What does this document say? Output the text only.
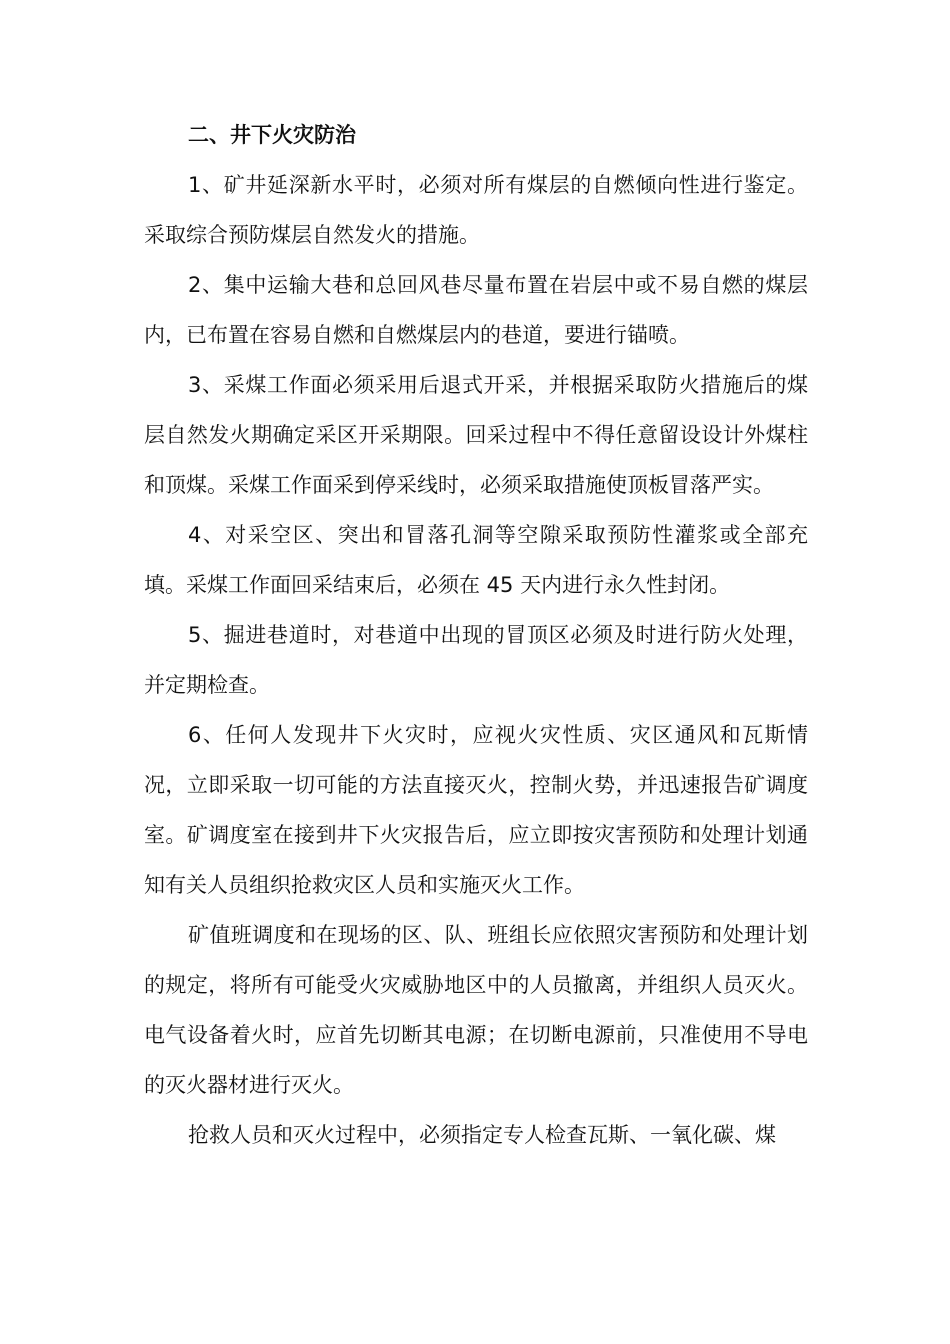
二、井下火灾防治

1、矿井延深新水平时，必须对所有煤层的自燃倾向性进行鉴定。采取综合预防煤层自然发火的措施。

2、集中运输大巷和总回风巷尽量布置在岩层中或不易自燃的煤层内，已布置在容易自燃和自燃煤层内的巷道，要进行锚喷。

3、采煤工作面必须采用后退式开采，并根据采取防火措施后的煤层自然发火期确定采区开采期限。回采过程中不得任意留设设计外煤柱和顶煤。采煤工作面采到停采线时，必须采取措施使顶板冒落严实。

4、对采空区、突出和冒落孔洞等空隙采取预防性灌浆或全部充填。采煤工作面回采结束后，必须在 45 天内进行永久性封闭。

5、掘进巷道时，对巷道中出现的冒顶区必须及时进行防火处理，并定期检查。

6、任何人发现井下火灾时，应视火灾性质、灾区通风和瓦斯情况，立即采取一切可能的方法直接灭火，控制火势，并迅速报告矿调度室。矿调度室在接到井下火灾报告后，应立即按灾害预防和处理计划通知有关人员组织抢救灾区人员和实施灭火工作。

矿值班调度和在现场的区、队、班组长应依照灾害预防和处理计划的规定，将所有可能受火灾威胁地区中的人员撤离，并组织人员灭火。电气设备着火时，应首先切断其电源；在切断电源前，只准使用不导电的灭火器材进行灭火。

抢救人员和灭火过程中，必须指定专人检查瓦斯、一氧化碳、煤
